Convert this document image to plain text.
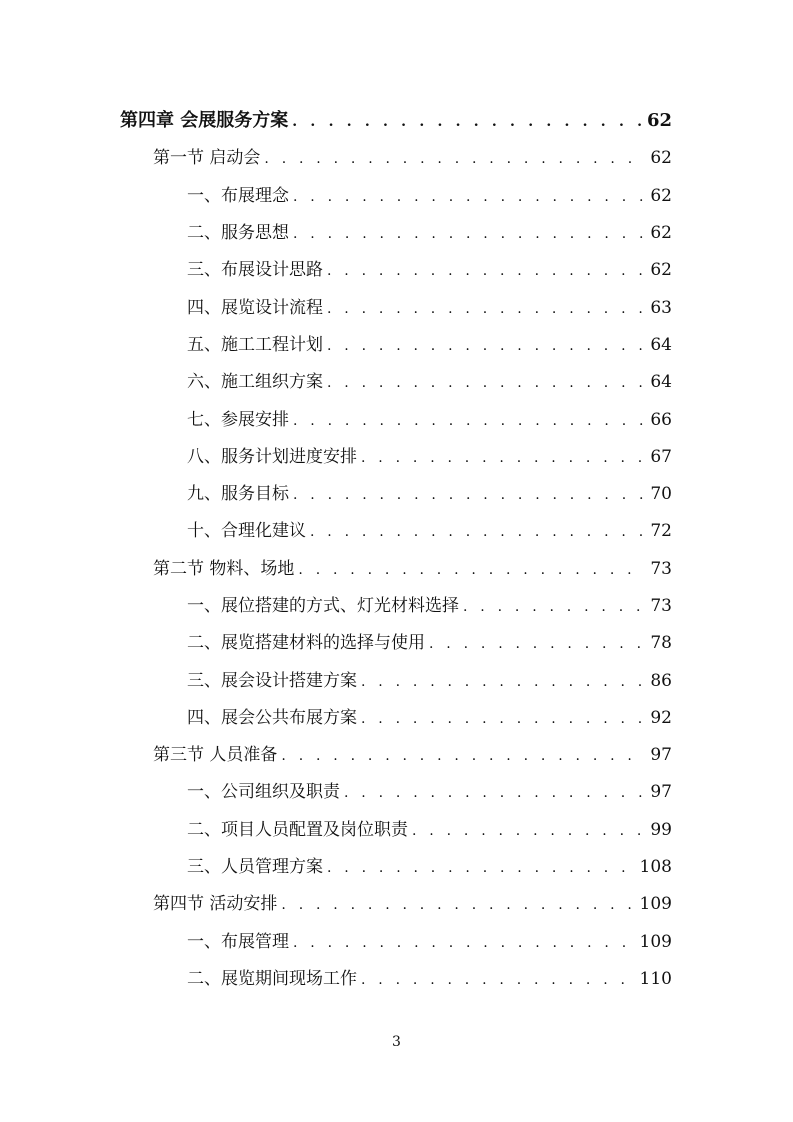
第四章 会展服务方案 . . .	62
第一节 启动会 . . .	62
一、布展理念 . . .	62
二、服务思想 . . .	62
三、布展设计思路 . . .	62
四、展览设计流程 . . .	63
五、施工工程计划 . . .	64
六、施工组织方案 . . .	64
七、参展安排 . . .	66
八、服务计划进度安排 . . .	67
九、服务目标 . . .	70
十、合理化建议 . . .	72
第二节 物料、场地 . . .	73
一、展位搭建的方式、灯光材料选择 . . .	73
二、展览搭建材料的选择与使用 . . .	78
三、展会设计搭建方案 . . .	86
四、展会公共布展方案 . . .	92
第三节 人员准备 . . .	97
一、公司组织及职责 . . .	97
二、项目人员配置及岗位职责 . . .	99
三、人员管理方案 . . .	108
第四节 活动安排 . . .	109
一、布展管理 . . .	109
二、展览期间现场工作 . . .	110
3
